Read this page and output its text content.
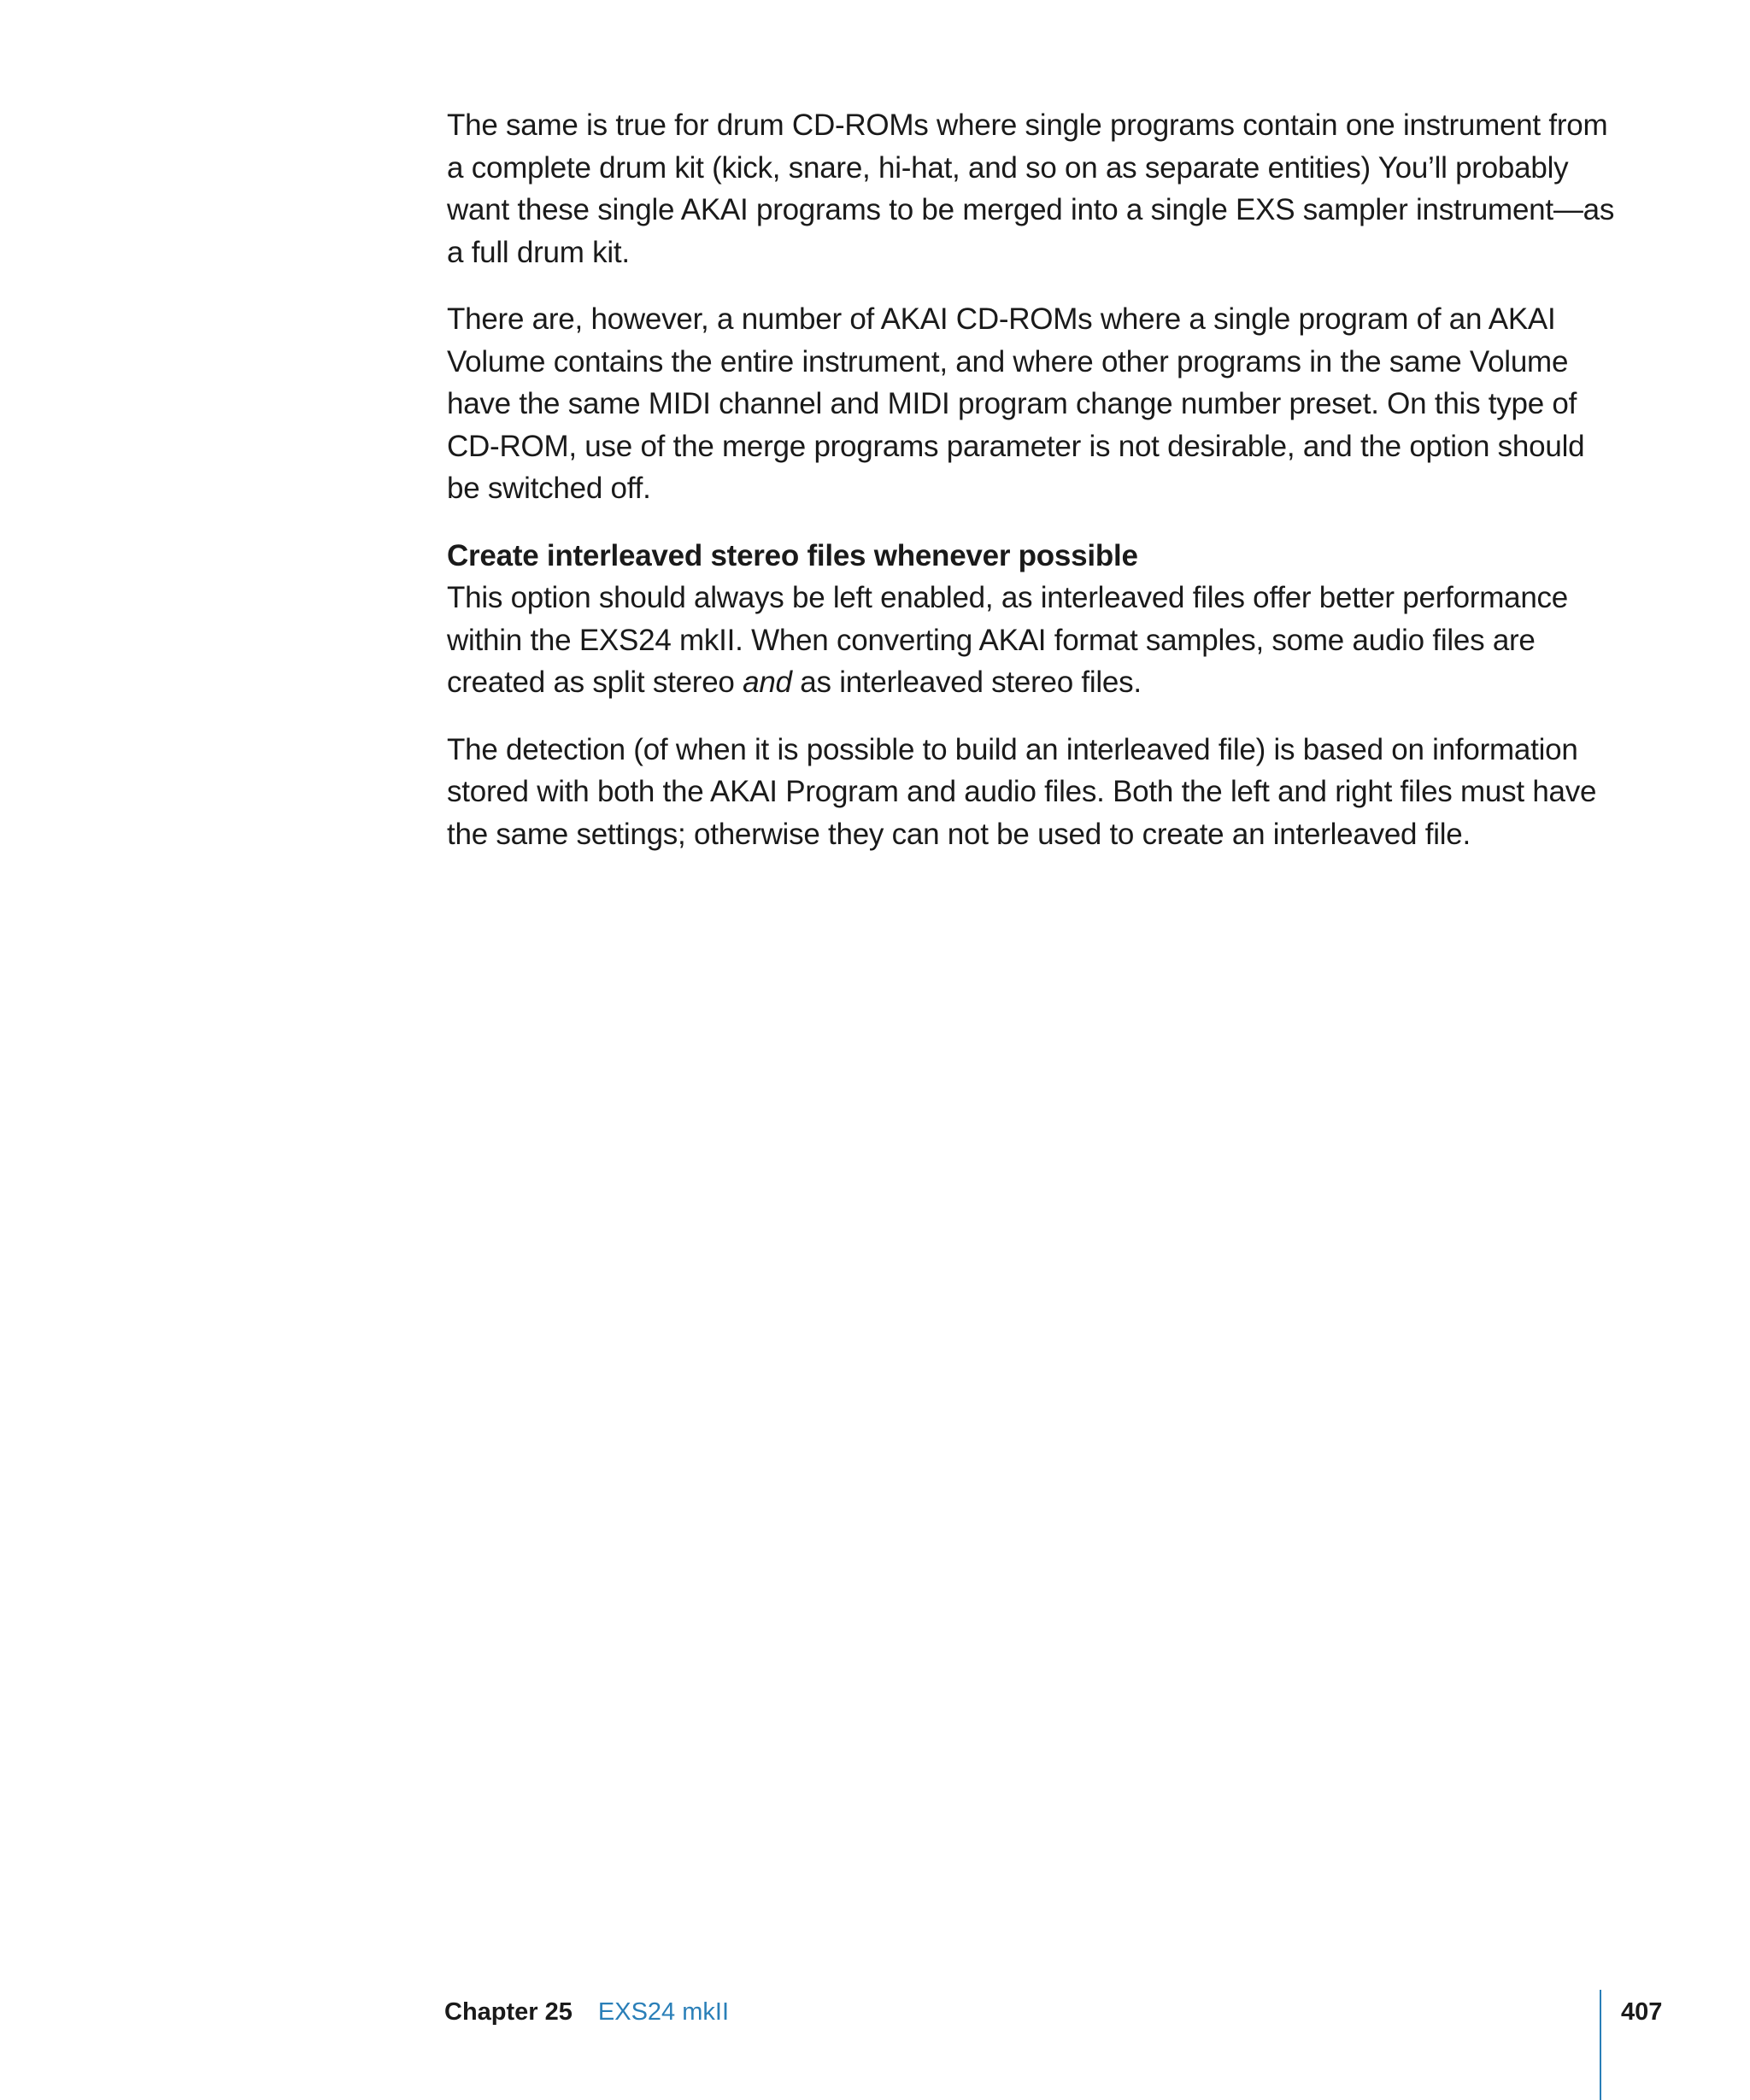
The same is true for drum CD-ROMs where single programs contain one instrument from a complete drum kit (kick, snare, hi-hat, and so on as separate entities) You’ll probably want these single AKAI programs to be merged into a single EXS sampler instrument—as a full drum kit.

There are, however, a number of AKAI CD-ROMs where a single program of an AKAI Volume contains the entire instrument, and where other programs in the same Volume have the same MIDI channel and MIDI program change number preset. On this type of CD-ROM, use of the merge programs parameter is not desirable, and the option should be switched off.

Create interleaved stereo files whenever possible

This option should always be left enabled, as interleaved files offer better performance within the EXS24 mkII. When converting AKAI format samples, some audio files are created as split stereo and as interleaved stereo files.

The detection (of when it is possible to build an interleaved file) is based on information stored with both the AKAI Program and audio files. Both the left and right files must have the same settings; otherwise they can not be used to create an interleaved file.

Chapter 25 EXS24 mkII	407
